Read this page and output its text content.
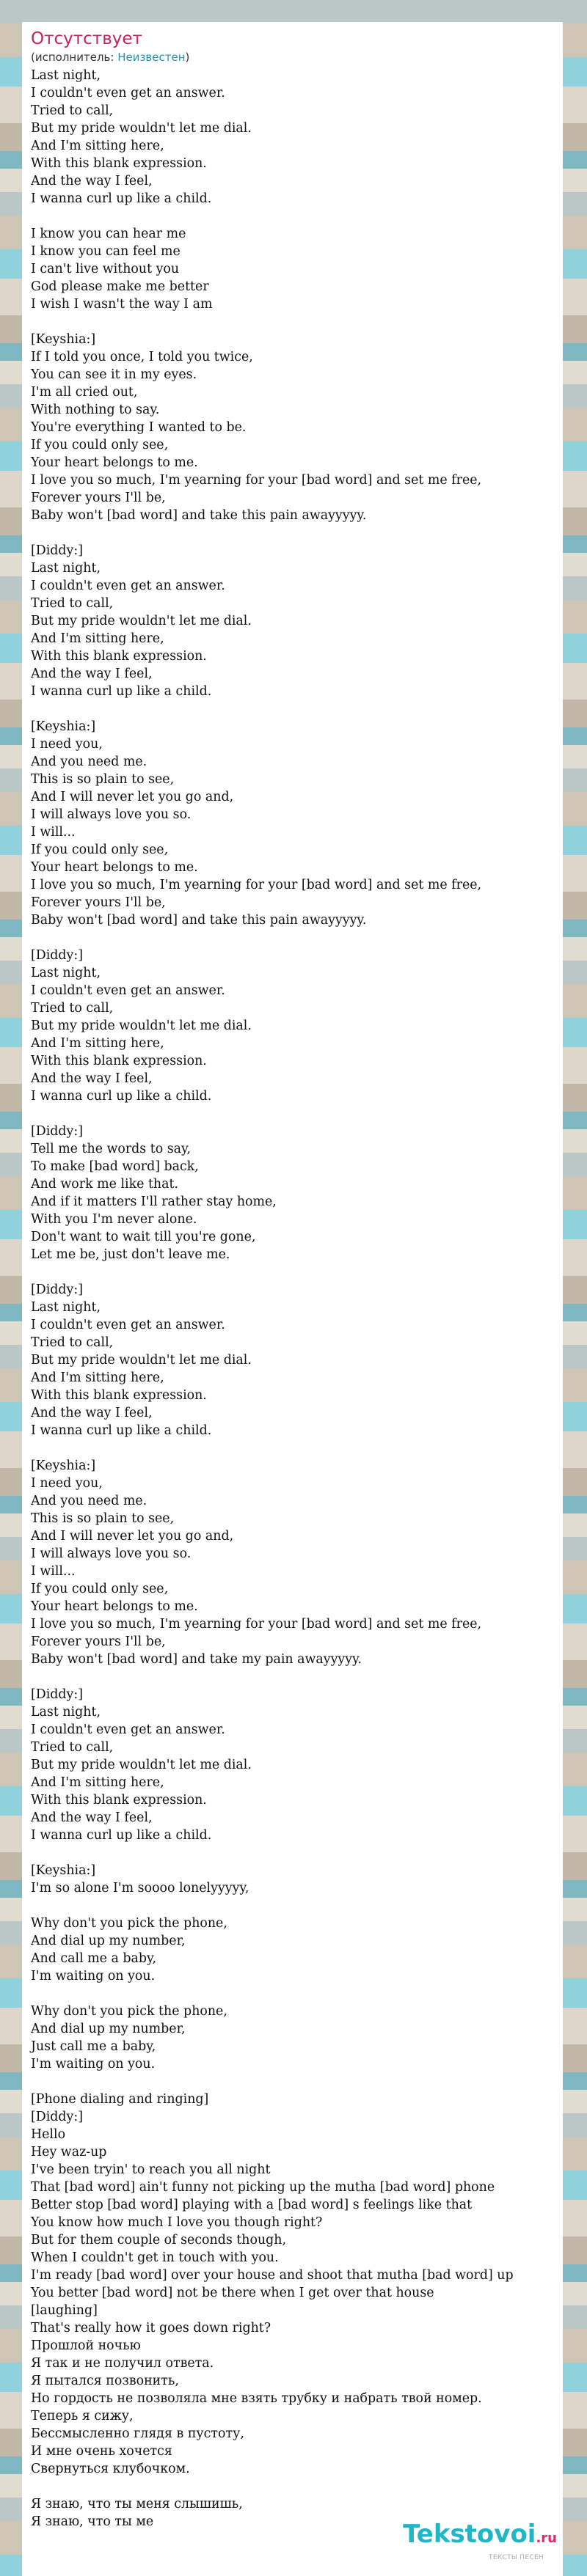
Отсутствует
(исполнитель: Неизвестен)
Last night,
I couldn't even get an answer.
Tried to call,
But my pride wouldn't let me dial.
And I'm sitting here,
With this blank expression.
And the way I feel,
I wanna curl up like a child.
I know you can hear me
I know you can feel me
I can't live without you
God please make me better
I wish I wasn't the way I am
[Keyshia:]
If I told you once, I told you twice,
You can see it in my eyes.
I'm all cried out,
With nothing to say.
You're everything I wanted to be.
If you could only see,
Your heart belongs to me.
I love you so much, I'm yearning for your [bad word] and set me free,
Forever yours I'll be,
Baby won't [bad word] and take this pain awayyyyy.
[Diddy:]
Last night,
I couldn't even get an answer.
Tried to call,
But my pride wouldn't let me dial.
And I'm sitting here,
With this blank expression.
And the way I feel,
I wanna curl up like a child.
[Keyshia:]
I need you,
And you need me.
This is so plain to see,
And I will never let you go and,
I will always love you so.
I will...
If you could only see,
Your heart belongs to me.
I love you so much, I'm yearning for your [bad word] and set me free,
Forever yours I'll be,
Baby won't [bad word] and take this pain awayyyyy.
[Diddy:]
Last night,
I couldn't even get an answer.
Tried to call,
But my pride wouldn't let me dial.
And I'm sitting here,
With this blank expression.
And the way I feel,
I wanna curl up like a child.
[Diddy:]
Tell me the words to say,
To make [bad word] back,
And work me like that.
And if it matters I'll rather stay home,
With you I'm never alone.
Don't want to wait till you're gone,
Let me be, just don't leave me.
[Diddy:]
Last night,
I couldn't even get an answer.
Tried to call,
But my pride wouldn't let me dial.
And I'm sitting here,
With this blank expression.
And the way I feel,
I wanna curl up like a child.
[Keyshia:]
I need you,
And you need me.
This is so plain to see,
And I will never let you go and,
I will always love you so.
I will...
If you could only see,
Your heart belongs to me.
I love you so much, I'm yearning for your [bad word] and set me free,
Forever yours I'll be,
Baby won't [bad word] and take my pain awayyyyy.
[Diddy:]
Last night,
I couldn't even get an answer.
Tried to call,
But my pride wouldn't let me dial.
And I'm sitting here,
With this blank expression.
And the way I feel,
I wanna curl up like a child.
[Keyshia:]
I'm so alone I'm soooo lonelyyyyy,
Why don't you pick the phone,
And dial up my number,
And call me a baby,
I'm waiting on you.
Why don't you pick the phone,
And dial up my number,
Just call me a baby,
I'm waiting on you.
[Phone dialing and ringing]
[Diddy:]
Hello
Hey waz-up
I've been tryin' to reach you all night
That [bad word] ain't funny not picking up the mutha [bad word] phone
Better stop [bad word] playing with a [bad word] s feelings like that
You know how much I love you though right?
But for them couple of seconds though,
When I couldn't get in touch with you.
I'm ready [bad word] over your house and shoot that mutha [bad word] up
You better [bad word] not be there when I get over that house
[laughing]
That's really how it goes down right?
Прошлой ночью
Я так и не получил ответа.
Я пытался позвонить,
Но гордость не позволяла мне взять трубку и набрать твой номер.
Теперь я сижу,
Бессмысленно глядя в пустоту,
И мне очень хочется
Свернуться клубочком.
Я знаю, что ты меня слышишь,
Я знаю, что ты ме	Tekstovoi.ru
ТЕКСТЫ ПЕСЕН
